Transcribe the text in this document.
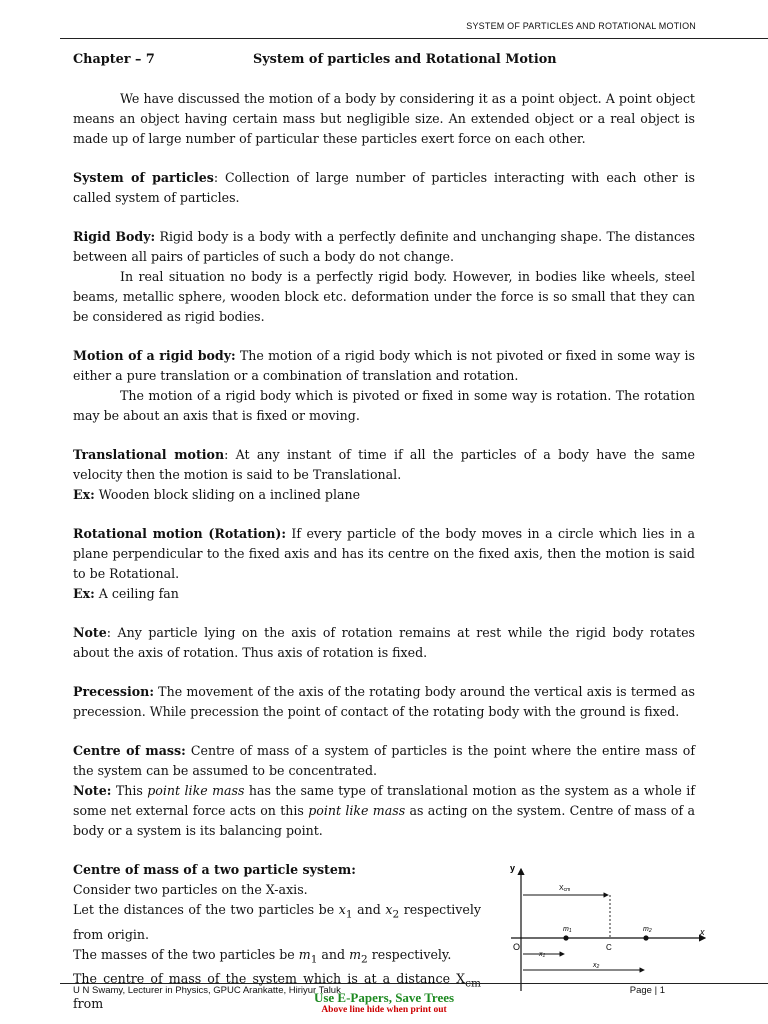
SYSTEM OF PARTICLES AND ROTATIONAL MOTION
Chapter – 7	System of particles and Rotational Motion

We have discussed the motion of a body by considering it as a point object. A point object means an object having certain mass but negligible size. An extended object or a real object is made up of large number of particular these particles exert force on each other.

System of particles: Collection of large number of particles interacting with each other is called system of particles.

Rigid Body: Rigid body is a body with a perfectly definite and unchanging shape. The distances between all pairs of particles of such a body do not change.

In real situation no body is a perfectly rigid body. However, in bodies like wheels, steel beams, metallic sphere, wooden block etc. deformation under the force is so small that they can be considered as rigid bodies.

Motion of a rigid body: The motion of a rigid body which is not pivoted or fixed in some way is either a pure translation or a combination of translation and rotation.

The motion of a rigid body which is pivoted or fixed in some way is rotation. The rotation may be about an axis that is fixed or moving.

Translational motion: At any instant of time if all the particles of a body have the same velocity then the motion is said to be Translational.

Ex: Wooden block sliding on a inclined plane

Rotational motion (Rotation): If every particle of the body moves in a circle which lies in a plane perpendicular to the fixed axis and has its centre on the fixed axis, then the motion is said to be Rotational.

Ex: A ceiling fan

Note: Any particle lying on the axis of rotation remains at rest while the rigid body rotates about the axis of rotation. Thus axis of rotation is fixed.

Precession: The movement of the axis of the rotating body around the vertical axis is termed as precession. While precession the point of contact of the rotating body with the ground is fixed.

Centre of mass: Centre of mass of a system of particles is the point where the entire mass of the system can be assumed to be concentrated.

Note: This point like mass has the same type of translational motion as the system as a whole if some net external force acts on this point like mass as acting on the system. Centre of mass of a body or a system is its balancing point.

Centre of mass of a two particle system:

Consider two particles on the X-axis.

Let the distances of the two particles be $x_1$ and $x_2$ respectively from origin.

The masses of the two particles be $m_1$ and $m_2$ respectively.

The centre of mass of the system which is at a distance $X_{cm}$ from

y
x
O
Xcm
m1	m2
C
x1
x2
U N Swamy, Lecturer in Physics, GPUC Arankatte, Hiriyur Taluk	Page | 1
Use E-Papers, Save Trees
Above line hide when print out
